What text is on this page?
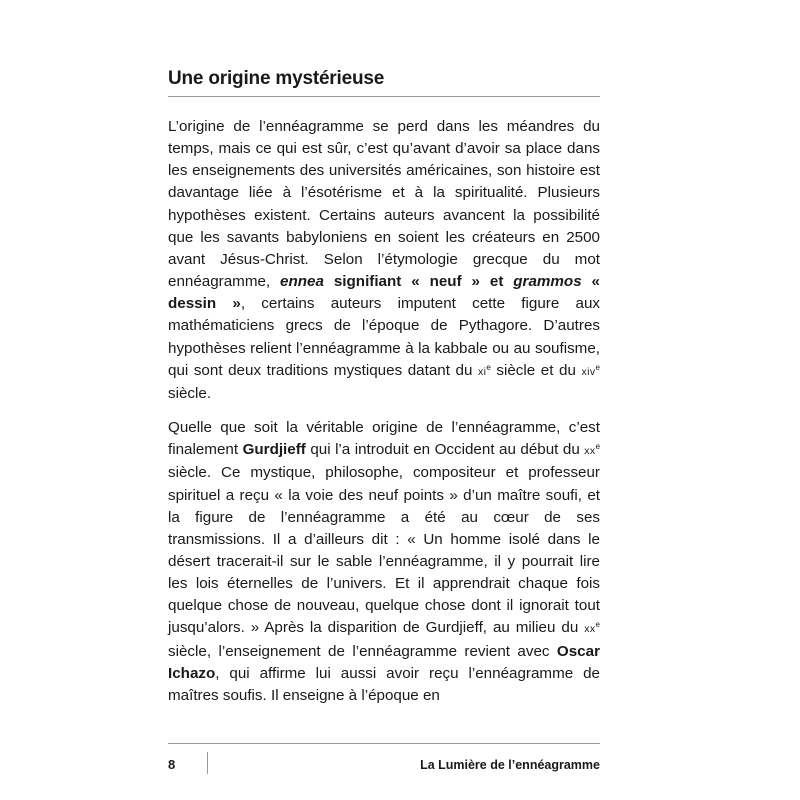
Une origine mystérieuse

L’origine de l’ennéagramme se perd dans les méandres du temps, mais ce qui est sûr, c’est qu’avant d’avoir sa place dans les enseignements des universités américaines, son histoire est davantage liée à l’ésotérisme et à la spiritualité. Plusieurs hypothèses existent. Certains auteurs avancent la possibilité que les savants babyloniens en soient les créateurs en 2500 avant Jésus-Christ. Selon l’étymologie grecque du mot ennéagramme, ennea signifiant « neuf » et grammos « dessin », certains auteurs imputent cette figure aux mathématiciens grecs de l’époque de Pythagore. D’autres hypothèses relient l’ennéagramme à la kabbale ou au soufisme, qui sont deux traditions mystiques datant du $xi^e$ siècle et du xiv$^e$ siècle.

Quelle que soit la véritable origine de l’ennéagramme, c’est finalement Gurdjieff qui l’a introduit en Occident au début du $xx^e$ siècle. Ce mystique, philosophe, compositeur et professeur spirituel a reçu « la voie des neuf points » d’un maître soufi, et la figure de l’ennéagramme a été au cœur de ses transmissions. Il a d’ailleurs dit : « Un homme isolé dans le désert tracerait-il sur le sable l’ennéagramme, il y pourrait lire les lois éternelles de l’univers. Et il apprendrait chaque fois quelque chose de nouveau, quelque chose dont il ignorait tout jusqu’alors. » Après la disparition de Gurdjieff, au milieu du $xx^e$ siècle, l’enseignement de l’ennéagramme revient avec Oscar Ichazo, qui affirme lui aussi avoir reçu l’ennéagramme de maîtres soufis. Il enseigne à l’époque en

8	La Lumière de l’ennéagramme
